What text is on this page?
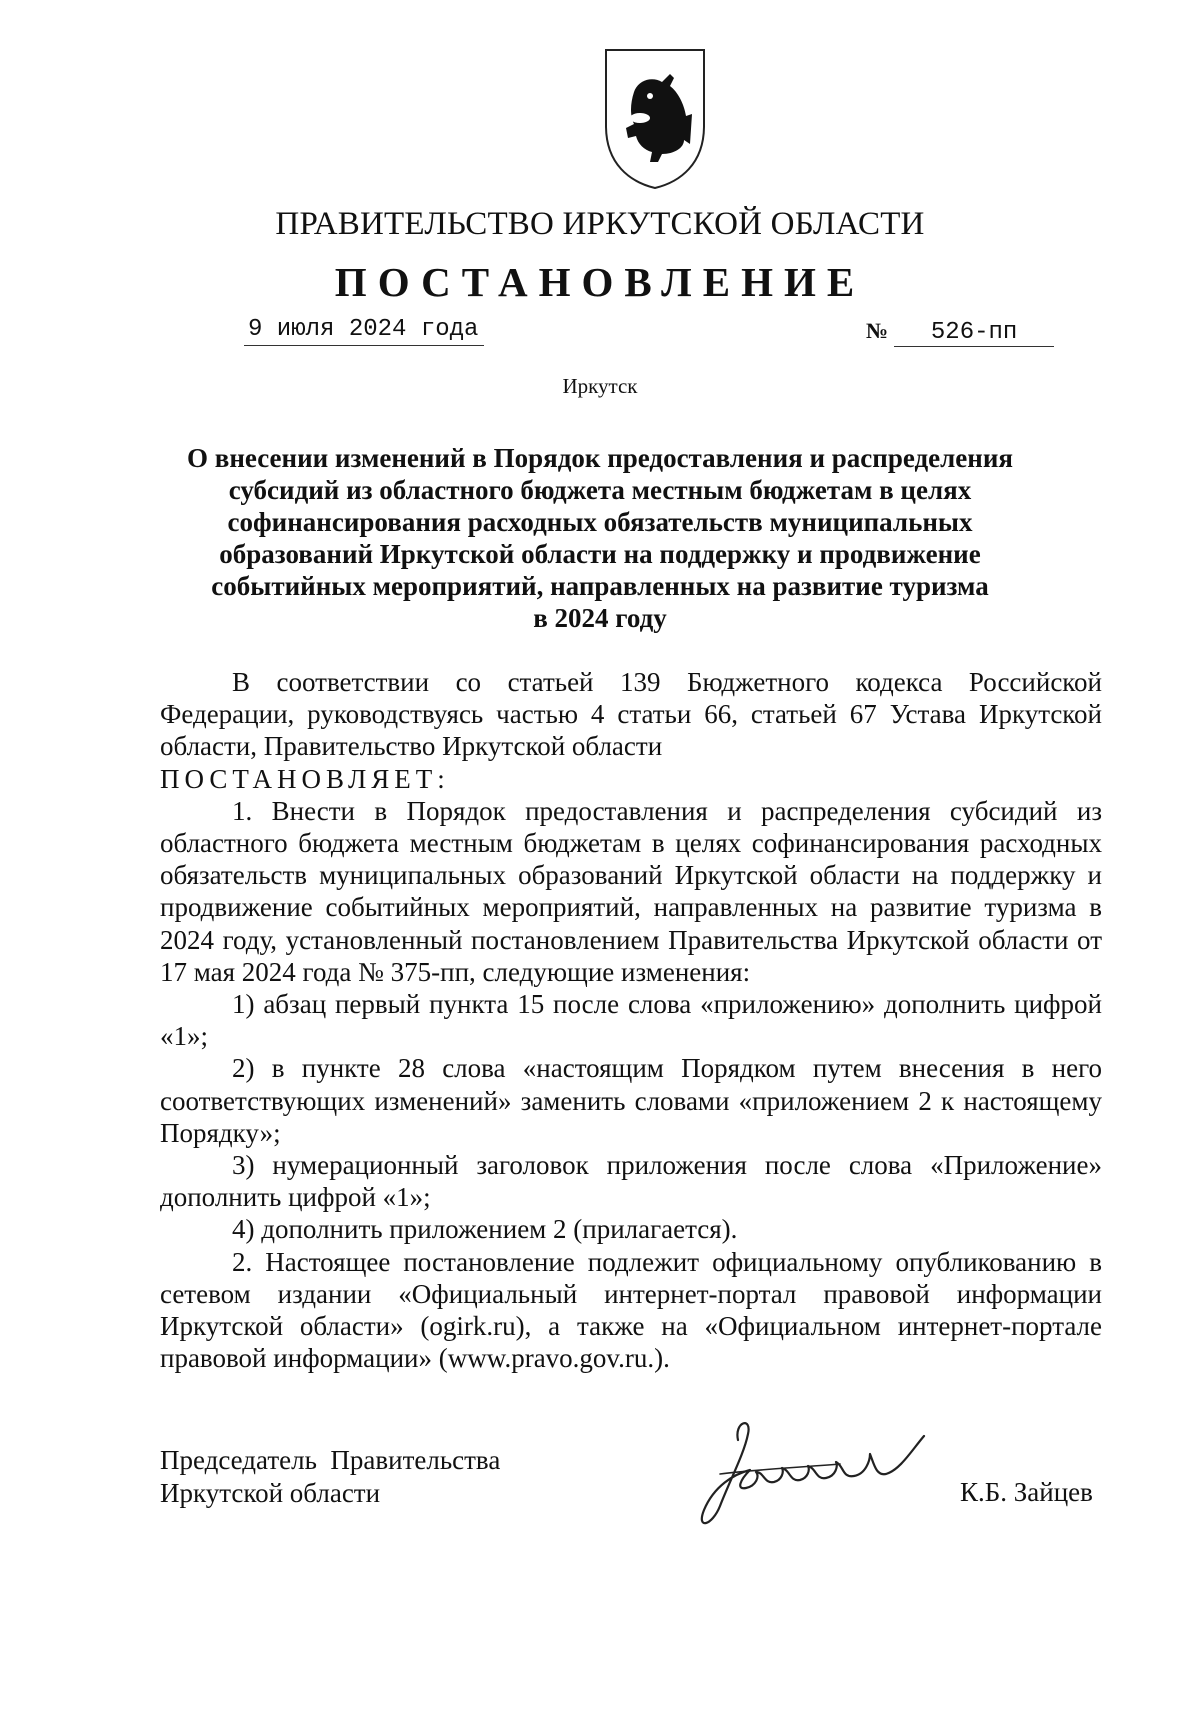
ПРАВИТЕЛЬСТВО ИРКУТСКОЙ ОБЛАСТИ
ПОСТАНОВЛЕНИЕ
9 июля 2024 года	№ 526-пп
Иркутск
О внесении изменений в Порядок предоставления и распределения
субсидий из областного бюджета местным бюджетам в целях
софинансирования расходных обязательств муниципальных
образований Иркутской области на поддержку и продвижение
событийных мероприятий, направленных на развитие туризма
в 2024 году

В соответствии со статьей 139 Бюджетного кодекса Российской Федерации, руководствуясь частью 4 статьи 66, статьей 67 Устава Иркутской области, Правительство Иркутской области

ПОСТАНОВЛЯЕТ:

1. Внести в Порядок предоставления и распределения субсидий из областного бюджета местным бюджетам в целях софинансирования расходных обязательств муниципальных образований Иркутской области на поддержку и продвижение событийных мероприятий, направленных на развитие туризма в 2024 году, установленный постановлением Правительства Иркутской области от 17 мая 2024 года № 375-пп, следующие изменения:

1) абзац первый пункта 15 после слова «приложению» дополнить цифрой «1»;

2) в пункте 28 слова «настоящим Порядком путем внесения в него соответствующих изменений» заменить словами «приложением 2 к настоящему Порядку»;

3) нумерационный заголовок приложения после слова «Приложение» дополнить цифрой «1»;

4) дополнить приложением 2 (прилагается).

2. Настоящее постановление подлежит официальному опубликованию в сетевом издании «Официальный интернет-портал правовой информации Иркутской области» (ogirk.ru), а также на «Официальном интернет-портале правовой информации» (www.pravo.gov.ru.).

Председатель  Правительства
Иркутской области	К.Б. Зайцев
